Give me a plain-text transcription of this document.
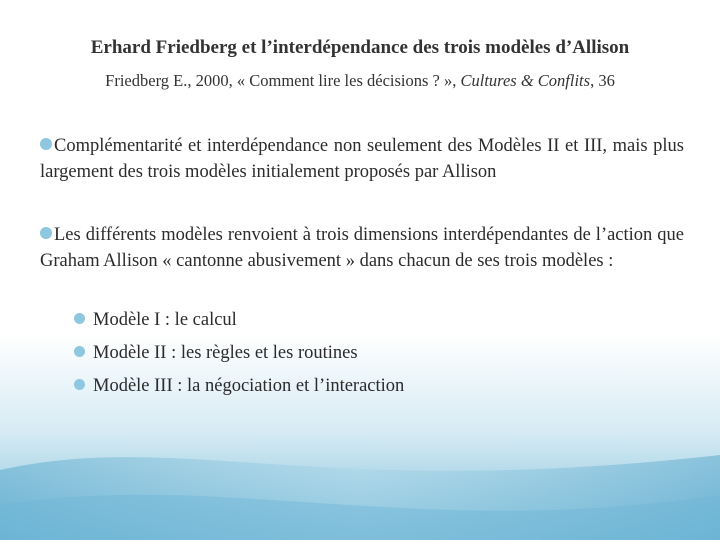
Erhard Friedberg et l’interdépendance des trois modèles d’Allison
Friedberg E., 2000, « Comment lire les décisions ? », Cultures & Conflits, 36
Complémentarité et interdépendance non seulement des Modèles II et III, mais plus largement des trois modèles initialement proposés par Allison
Les différents modèles renvoient à trois dimensions interdépendantes de l’action que Graham Allison « cantonne abusivement » dans chacun de ses trois modèles :
Modèle I : le calcul
Modèle II : les règles et les routines
Modèle III : la négociation et l’interaction
